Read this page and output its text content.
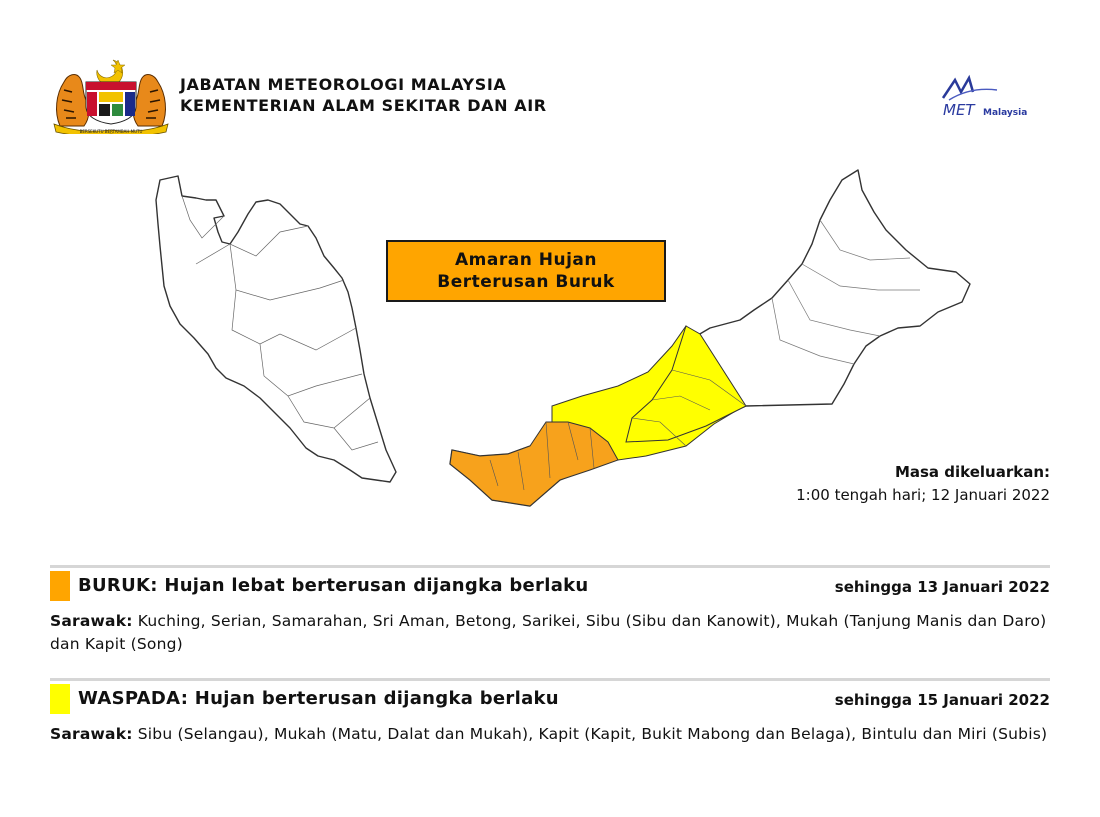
BERSEKUTU BERTAMBAH MUTU
JABATAN METEOROLOGI MALAYSIA
KEMENTERIAN ALAM SEKITAR DAN AIR	MET Malaysia
Amaran Hujan
Berterusan Buruk
Masa dikeluarkan:
1:00 tengah hari; 12 Januari 2022
BURUK: Hujan lebat berterusan dijangka berlaku	sehingga 13 Januari 2022
Sarawak: Kuching, Serian, Samarahan, Sri Aman, Betong, Sarikei, Sibu (Sibu dan Kanowit), Mukah (Tanjung Manis dan Daro) dan Kapit (Song)
WASPADA: Hujan berterusan dijangka berlaku	sehingga 15 Januari 2022
Sarawak: Sibu (Selangau), Mukah (Matu, Dalat dan Mukah), Kapit (Kapit, Bukit Mabong dan Belaga), Bintulu dan Miri (Subis)
